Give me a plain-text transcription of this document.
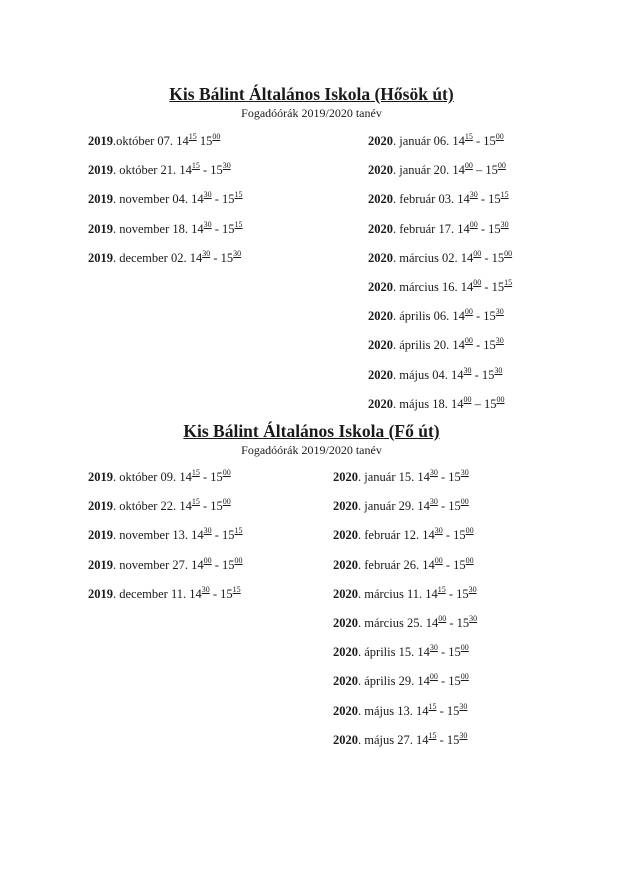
Kis Bálint Általános Iskola (Hősök út)
Fogadóórák 2019/2020 tanév
2019.október 07. $14^{15}$ $15^{00}$
2019. október 21. $14^{15} - 15^{30}$
2019. november 04. $14^{30} - 15^{15}$
2019. november 18. $14^{30} - 15^{15}$
2019. december 02. $14^{30} - 15^{30}$
2020. január 06. $14^{15} - 15^{00}$
2020. január 20. $14^{00} - 15^{00}$
2020. február 03. $14^{30} - 15^{15}$
2020. február 17. $14^{00} - 15^{30}$
2020. március 02. $14^{00} - 15^{00}$
2020. március 16. $14^{00} - 15^{15}$
2020. április 06. $14^{00} - 15^{30}$
2020. április 20. $14^{00} - 15^{30}$
2020. május 04. $14^{30} - 15^{30}$
2020. május 18. $14^{00} - 15^{00}$
Kis Bálint Általános Iskola (Fő út)
Fogadóórák 2019/2020 tanév
2019. október 09. $14^{15} - 15^{00}$
2019. október 22. $14^{15} - 15^{00}$
2019. november 13. $14^{30} - 15^{15}$
2019. november 27. $14^{00} - 15^{00}$
2019. december 11. $14^{30} - 15^{15}$
2020. január 15. $14^{30} - 15^{30}$
2020. január 29. $14^{30} - 15^{00}$
2020. február 12. $14^{30} - 15^{00}$
2020. február 26. $14^{00} - 15^{00}$
2020. március 11. $14^{15} - 15^{30}$
2020. március 25. $14^{00} - 15^{30}$
2020. április 15. $14^{30} - 15^{00}$
2020. április 29. $14^{00} - 15^{00}$
2020. május 13. $14^{15} - 15^{30}$
2020. május 27. $14^{15} - 15^{30}$
